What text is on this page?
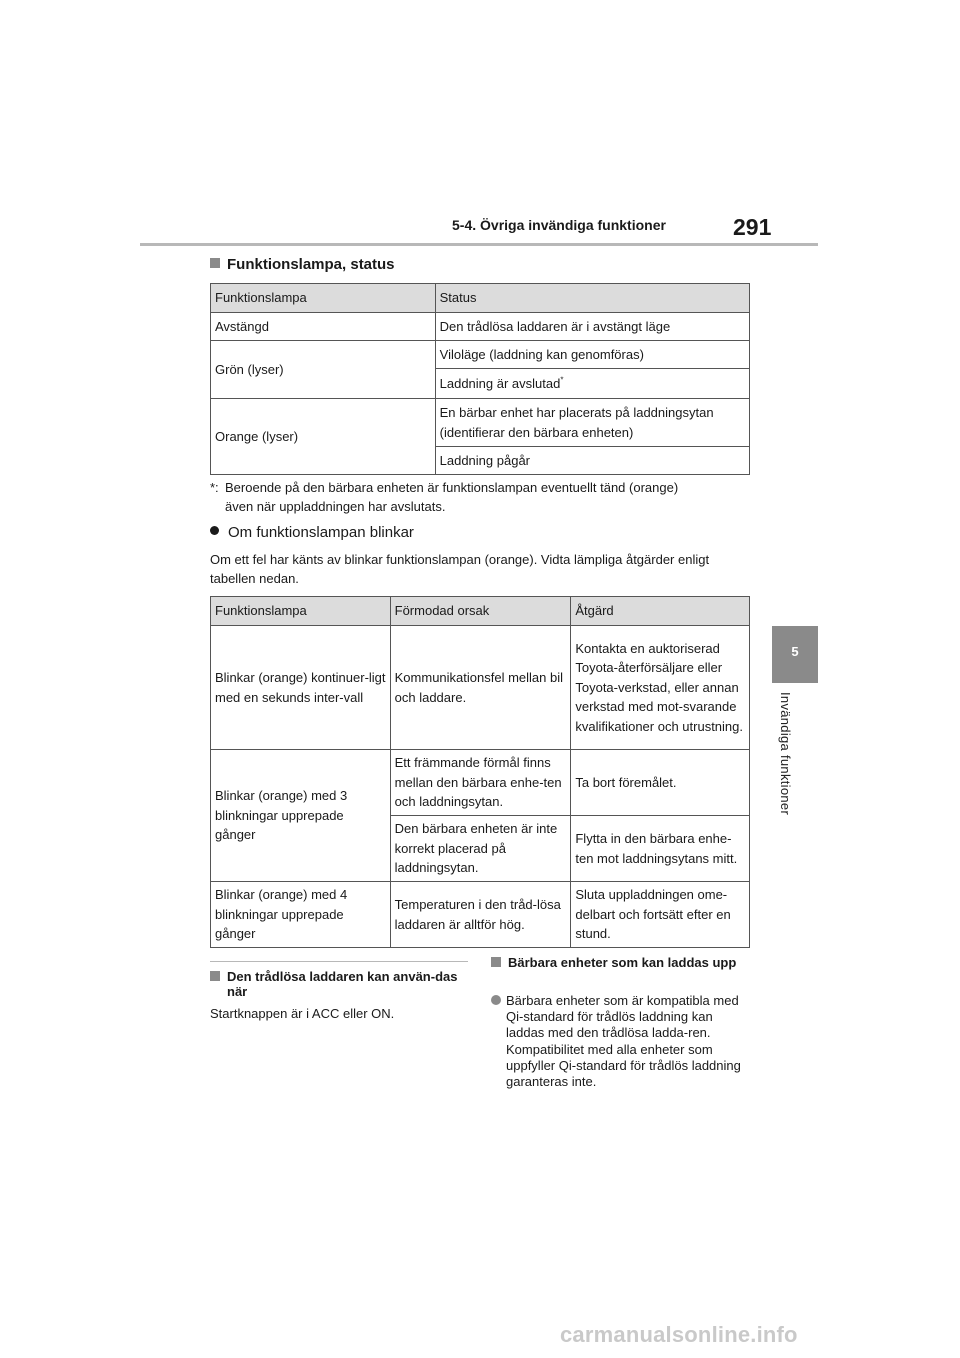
5-4. Övriga invändiga funktioner	291
5
Invändiga funktioner
Funktionslampa, status
Funktionslampa	Status
Avstängd	Den trådlösa laddaren är i avstängt läge
Grön (lyser)	Viloläge (laddning kan genomföras)
	Laddning är avslutad*
Orange (lyser)	En bärbar enhet har placerats på laddningsytan (identifierar den bärbara enheten)
	Laddning pågår
*: Beroende på den bärbara enheten är funktionslampan eventuellt tänd (orange)
även när uppladdningen har avslutats.
Om funktionslampan blinkar
Om ett fel har känts av blinkar funktionslampan (orange). Vidta lämpliga åtgärder enligt tabellen nedan.
Funktionslampa	Förmodad orsak	Åtgärd
Blinkar (orange) kontinuer-ligt med en sekunds inter-vall	Kommunikationsfel mellan bil och laddare.	Kontakta en auktoriserad Toyota-återförsäljare eller Toyota-verkstad, eller annan verkstad med mot-svarande kvalifikationer och utrustning.
Blinkar (orange) med 3 blinkningar upprepade gånger	Ett främmande förmål finns mellan den bärbara enhe-ten och laddningsytan.	Ta bort föremålet.
	Den bärbara enheten är inte korrekt placerad på laddningsytan.	Flytta in den bärbara enhe-ten mot laddningsytans mitt.
Blinkar (orange) med 4 blinkningar upprepade gånger	Temperaturen i den tråd-lösa laddaren är alltför hög.	Sluta uppladdningen ome-delbart och fortsätt efter en stund.
Den trådlösa laddaren kan använ-das när
Startknappen är i ACC eller ON.
Bärbara enheter som kan laddas upp
Bärbara enheter som är kompatibla med Qi-standard för trådlös laddning kan laddas med den trådlösa ladda-ren. Kompatibilitet med alla enheter som uppfyller Qi-standard för trådlös laddning garanteras inte.
carmanualsonline.info
